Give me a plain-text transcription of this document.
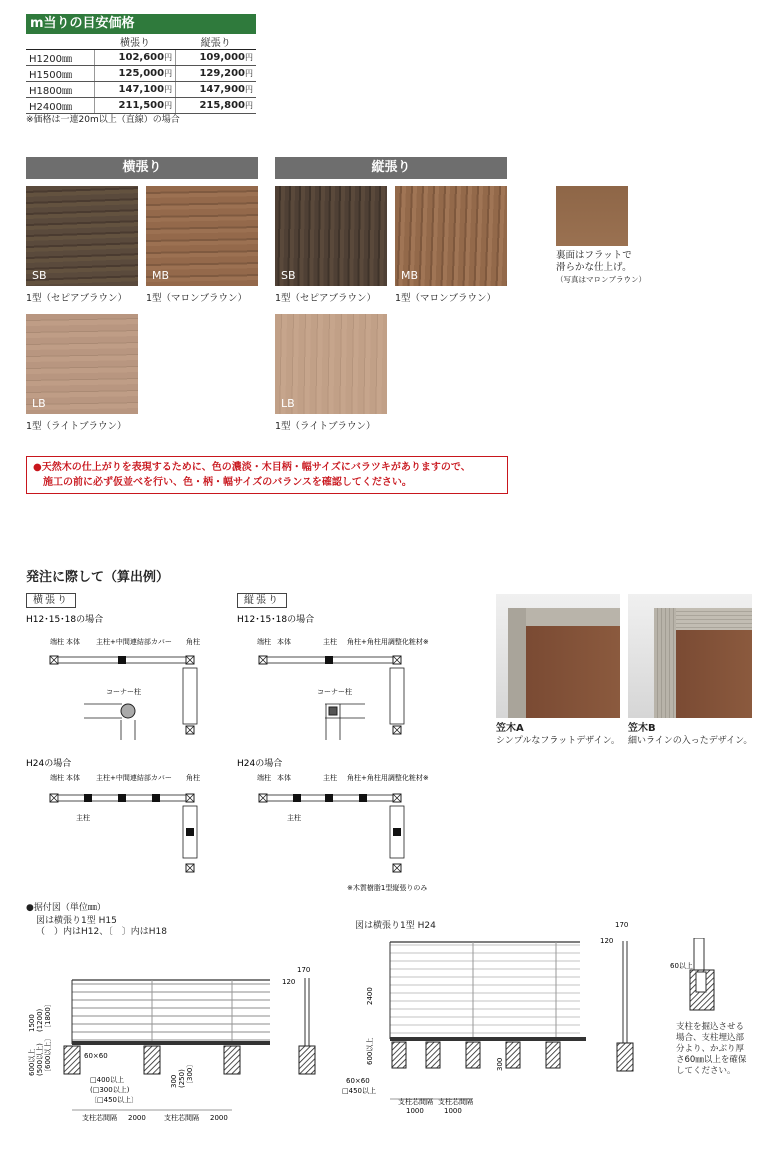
m当りの目安価格
	横張り	縦張り
H1200㎜	102,600円	109,000円
H1500㎜	125,000円	129,200円
H1800㎜	147,100円	147,900円
H2400㎜	211,500円	215,800円
※価格は一連20m以上（直線）の場合
横張り	縦張り
SB
1型（セピアブラウン）
MB
1型（マロンブラウン）
SB
1型（セピアブラウン）
MB
1型（マロンブラウン）
裏面はフラットで
滑らかな仕上げ。
（写真はマロンブラウン）
LB
1型（ライトブラウン）
LB
1型（ライトブラウン）
●天然木の仕上がりを表現するために、色の濃淡・木目柄・幅サイズにバラツキがありますので、
施工の前に必ず仮並べを行い、色・柄・幅サイズのバランスを確認してください。
発注に際して（算出例）
横張り	縦張り
H12･15･18の場合
端柱 本体 主柱+中間連結部カバー 角柱
コーナー柱
H24の場合
端柱 本体 主柱+中間連結部カバー 角柱
主柱
H12･15･18の場合
端柱 本体	主柱 角柱+角柱用調整化粧材※
コーナー柱
H24の場合
端柱 本体	主柱 角柱+角柱用調整化粧材※
主柱
※木質樹脂1型縦張りのみ
笠木A
シンプルなフラットデザイン。
笠木B
細いラインの入ったデザイン。
●据付図（単位㎜）
図は横張り1型 H15
（　）内はH12、〔　〕内はH18
図は横張り1型 H24
170
120
1500 (1200) 〔1800〕
600以上 (500以上) 〔600以上〕	60×60
□400以上
(□300以上)
〔□450以上〕
300 (250) 〔300〕
支柱芯間隔 2000	支柱芯間隔 2000
170
120
2400
600以上	300
60×60
□450以上
支柱芯間隔 支柱芯間隔
1000	1000
60以上
支柱を掘込させる場合、支柱埋込部分より、かぶり厚さ60㎜以上を確保してください。
